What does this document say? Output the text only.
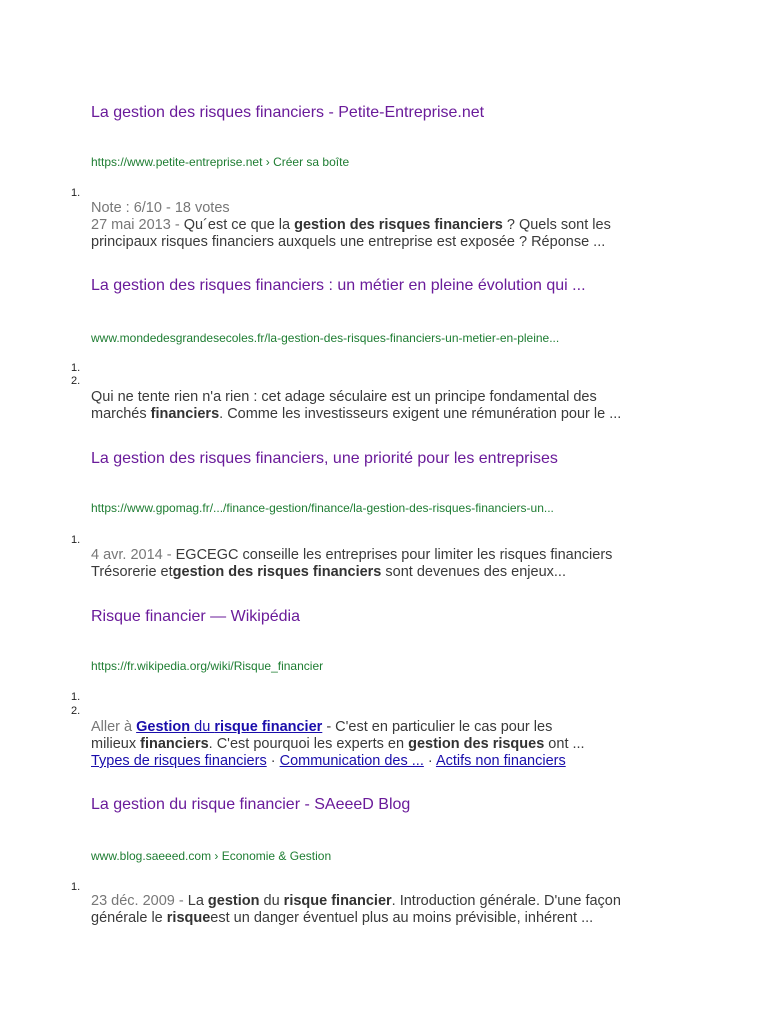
La gestion des risques financiers - Petite-Entreprise.net
https://www.petite-entreprise.net › Créer sa boîte
1.
Note : 6/10 - 18 votes
27 mai 2013 - Qu´est ce que la gestion des risques financiers ? Quels sont les
principaux risques financiers auxquels une entreprise est exposée ? Réponse ...
La gestion des risques financiers : un métier en pleine évolution qui ...
www.mondedesgrandesecoles.fr/la-gestion-des-risques-financiers-un-metier-en-pleine...
1.
2.
Qui ne tente rien n'a rien : cet adage séculaire est un principe fondamental des
marchés financiers. Comme les investisseurs exigent une rémunération pour le ...
La gestion des risques financiers, une priorité pour les entreprises
https://www.gpomag.fr/.../finance-gestion/finance/la-gestion-des-risques-financiers-un...
1.
4 avr. 2014 - EGCEGC conseille les entreprises pour limiter les risques financiers
Trésorerie etgestion des risques financiers sont devenues des enjeux...
Risque financier — Wikipédia
https://fr.wikipedia.org/wiki/Risque_financier
1.
2.
Aller à Gestion du risque financier - C'est en particulier le cas pour les
milieux financiers. C'est pourquoi les experts en gestion des risques ont ...
Types de risques financiers · Communication des ... · Actifs non financiers
La gestion du risque financier - SAeeeD Blog
www.blog.saeeed.com › Economie & Gestion
1.
23 déc. 2009 - La gestion du risque financier. Introduction générale. D'une façon
générale le risqueest un danger éventuel plus au moins prévisible, inhérent ...
